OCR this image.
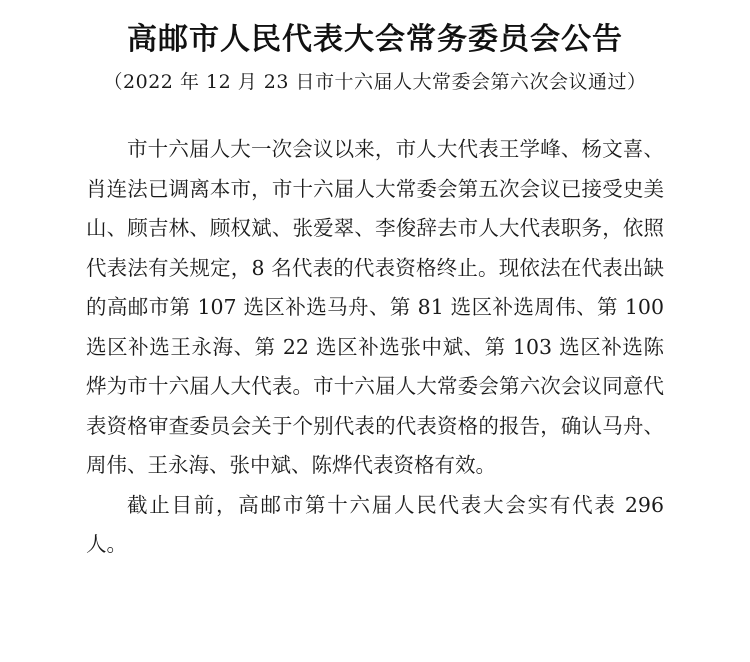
高邮市人民代表大会常务委员会公告
（2022 年 12 月 23 日市十六届人大常委会第六次会议通过）

市十六届人大一次会议以来，市人大代表王学峰、杨文喜、肖连法已调离本市，市十六届人大常委会第五次会议已接受史美山、顾吉林、顾权斌、张爱翠、李俊辞去市人大代表职务，依照代表法有关规定，8 名代表的代表资格终止。现依法在代表出缺的高邮市第 107 选区补选马舟、第 81 选区补选周伟、第 100 选区补选王永海、第 22 选区补选张中斌、第 103 选区补选陈烨为市十六届人大代表。市十六届人大常委会第六次会议同意代表资格审查委员会关于个别代表的代表资格的报告，确认马舟、周伟、王永海、张中斌、陈烨代表资格有效。

截止目前，高邮市第十六届人民代表大会实有代表 296 人。
